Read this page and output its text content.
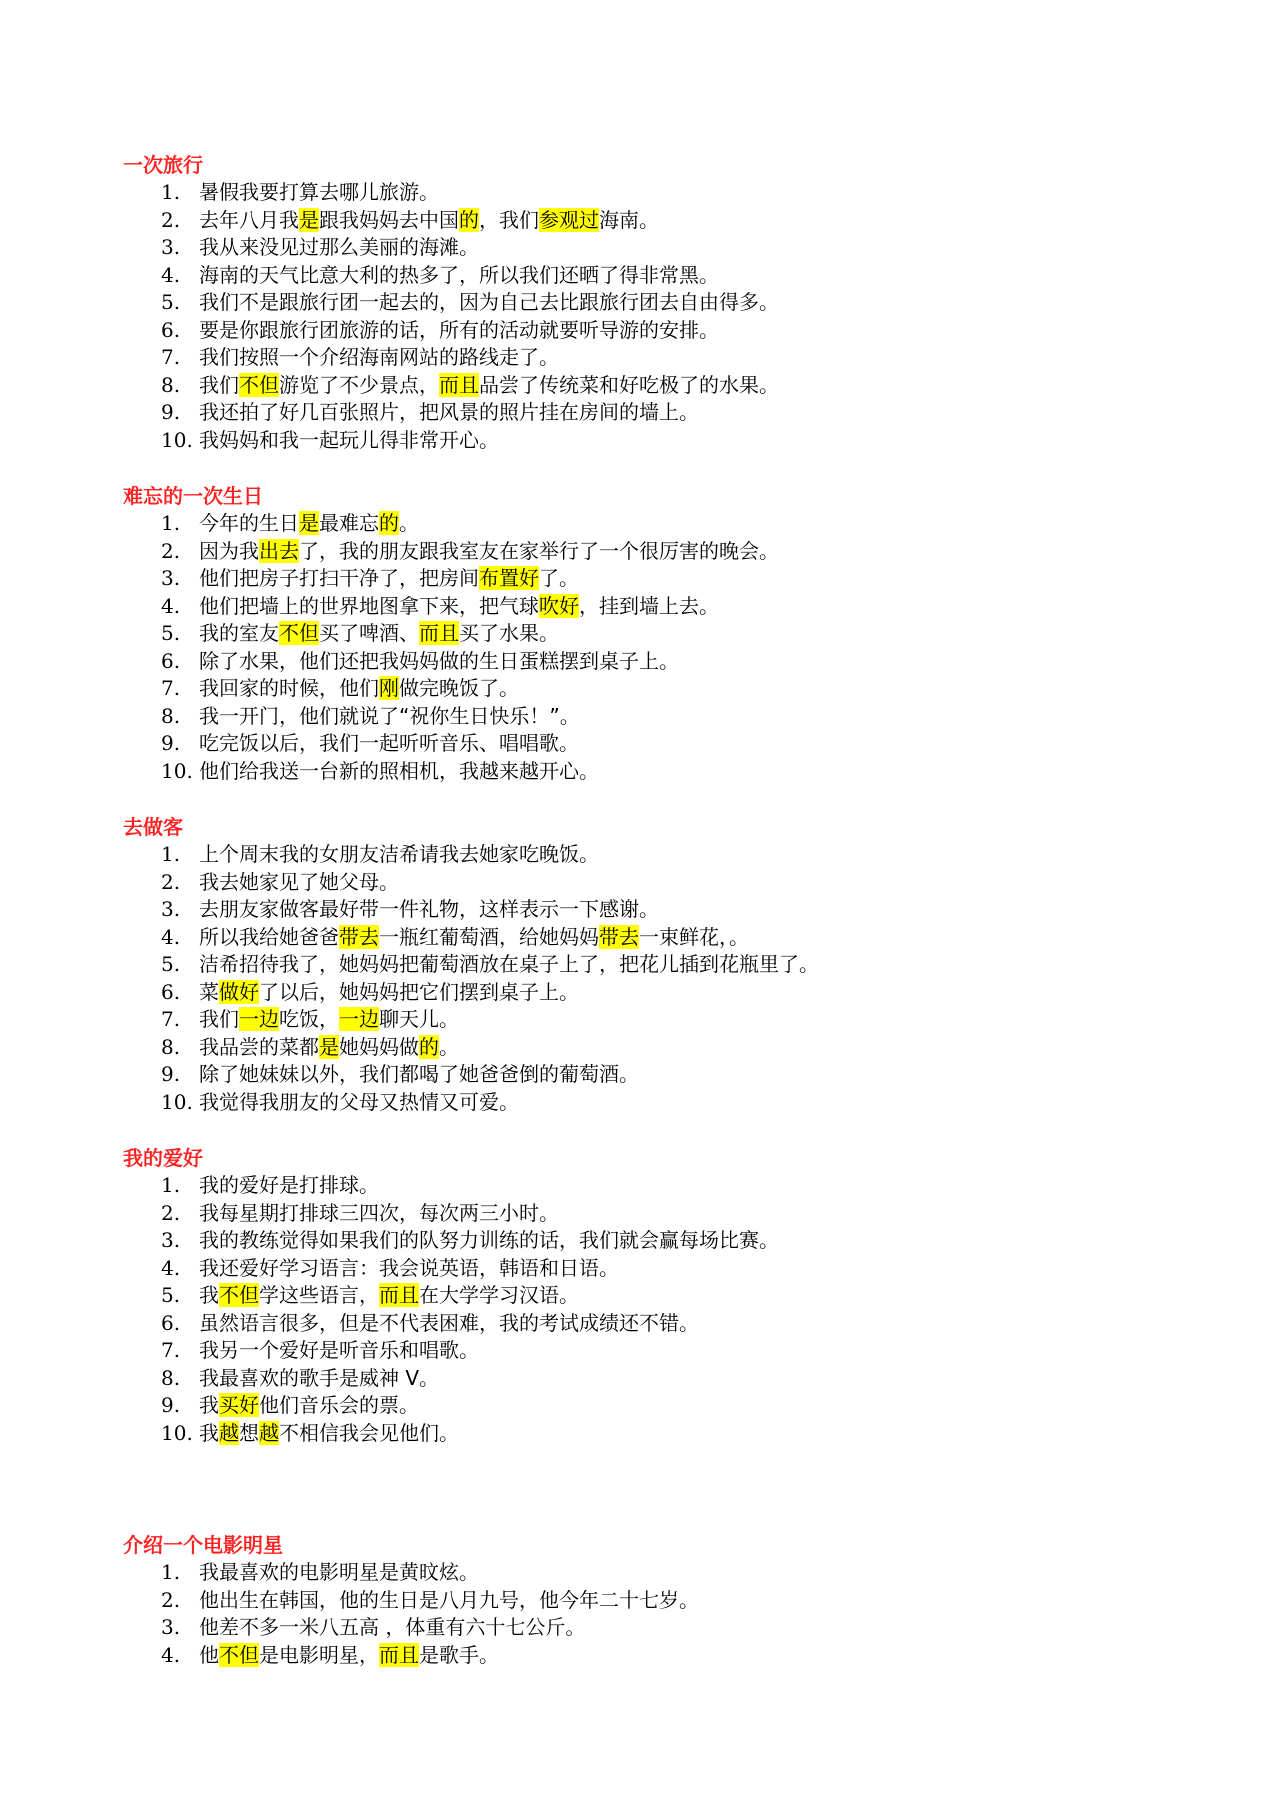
一次旅行
1. 暑假我要打算去哪儿旅游。
2. 去年八月我是跟我妈妈去中国的，我们参观过海南。
3. 我从来没见过那么美丽的海滩。
4. 海南的天气比意大利的热多了，所以我们还晒了得非常黑。
5. 我们不是跟旅行团一起去的，因为自己去比跟旅行团去自由得多。
6. 要是你跟旅行团旅游的话，所有的活动就要听导游的安排。
7. 我们按照一个介绍海南网站的路线走了。
8. 我们不但游览了不少景点，而且品尝了传统菜和好吃极了的水果。
9. 我还拍了好几百张照片，把风景的照片挂在房间的墙上。
10. 我妈妈和我一起玩儿得非常开心。
难忘的一次生日
1. 今年的生日是最难忘的。
2. 因为我出去了，我的朋友跟我室友在家举行了一个很厉害的晚会。
3. 他们把房子打扫干净了，把房间布置好了。
4. 他们把墙上的世界地图拿下来，把气球吹好，挂到墙上去。
5. 我的室友不但买了啤酒、而且买了水果。
6. 除了水果，他们还把我妈妈做的生日蛋糕摆到桌子上。
7. 我回家的时候，他们刚做完晚饭了。
8. 我一开门，他们就说了“祝你生日快乐！”。
9. 吃完饭以后，我们一起听听音乐、唱唱歌。
10. 他们给我送一台新的照相机，我越来越开心。
去做客
1. 上个周末我的女朋友洁希请我去她家吃晚饭。
2. 我去她家见了她父母。
3. 去朋友家做客最好带一件礼物，这样表示一下感谢。
4. 所以我给她爸爸带去一瓶红葡萄酒，给她妈妈带去一束鲜花，。
5. 洁希招待我了，她妈妈把葡萄酒放在桌子上了，把花儿插到花瓶里了。
6. 菜做好了以后，她妈妈把它们摆到桌子上。
7. 我们一边吃饭，一边聊天儿。
8. 我品尝的菜都是她妈妈做的。
9. 除了她妹妹以外，我们都喝了她爸爸倒的葡萄酒。
10. 我觉得我朋友的父母又热情又可爱。
我的爱好
1. 我的爱好是打排球。
2. 我每星期打排球三四次，每次两三小时。
3. 我的教练觉得如果我们的队努力训练的话，我们就会赢每场比赛。
4. 我还爱好学习语言：我会说英语，韩语和日语。
5. 我不但学这些语言，而且在大学学习汉语。
6. 虽然语言很多，但是不代表困难，我的考试成绩还不错。
7. 我另一个爱好是听音乐和唱歌。
8. 我最喜欢的歌手是威神 V。
9. 我买好他们音乐会的票。
10. 我越想越不相信我会见他们。
介绍一个电影明星
1. 我最喜欢的电影明星是黄旼炫。
2. 他出生在韩国，他的生日是八月九号，他今年二十七岁。
3. 他差不多一米八五高 ，体重有六十七公斤。
4. 他不但是电影明星，而且是歌手。
